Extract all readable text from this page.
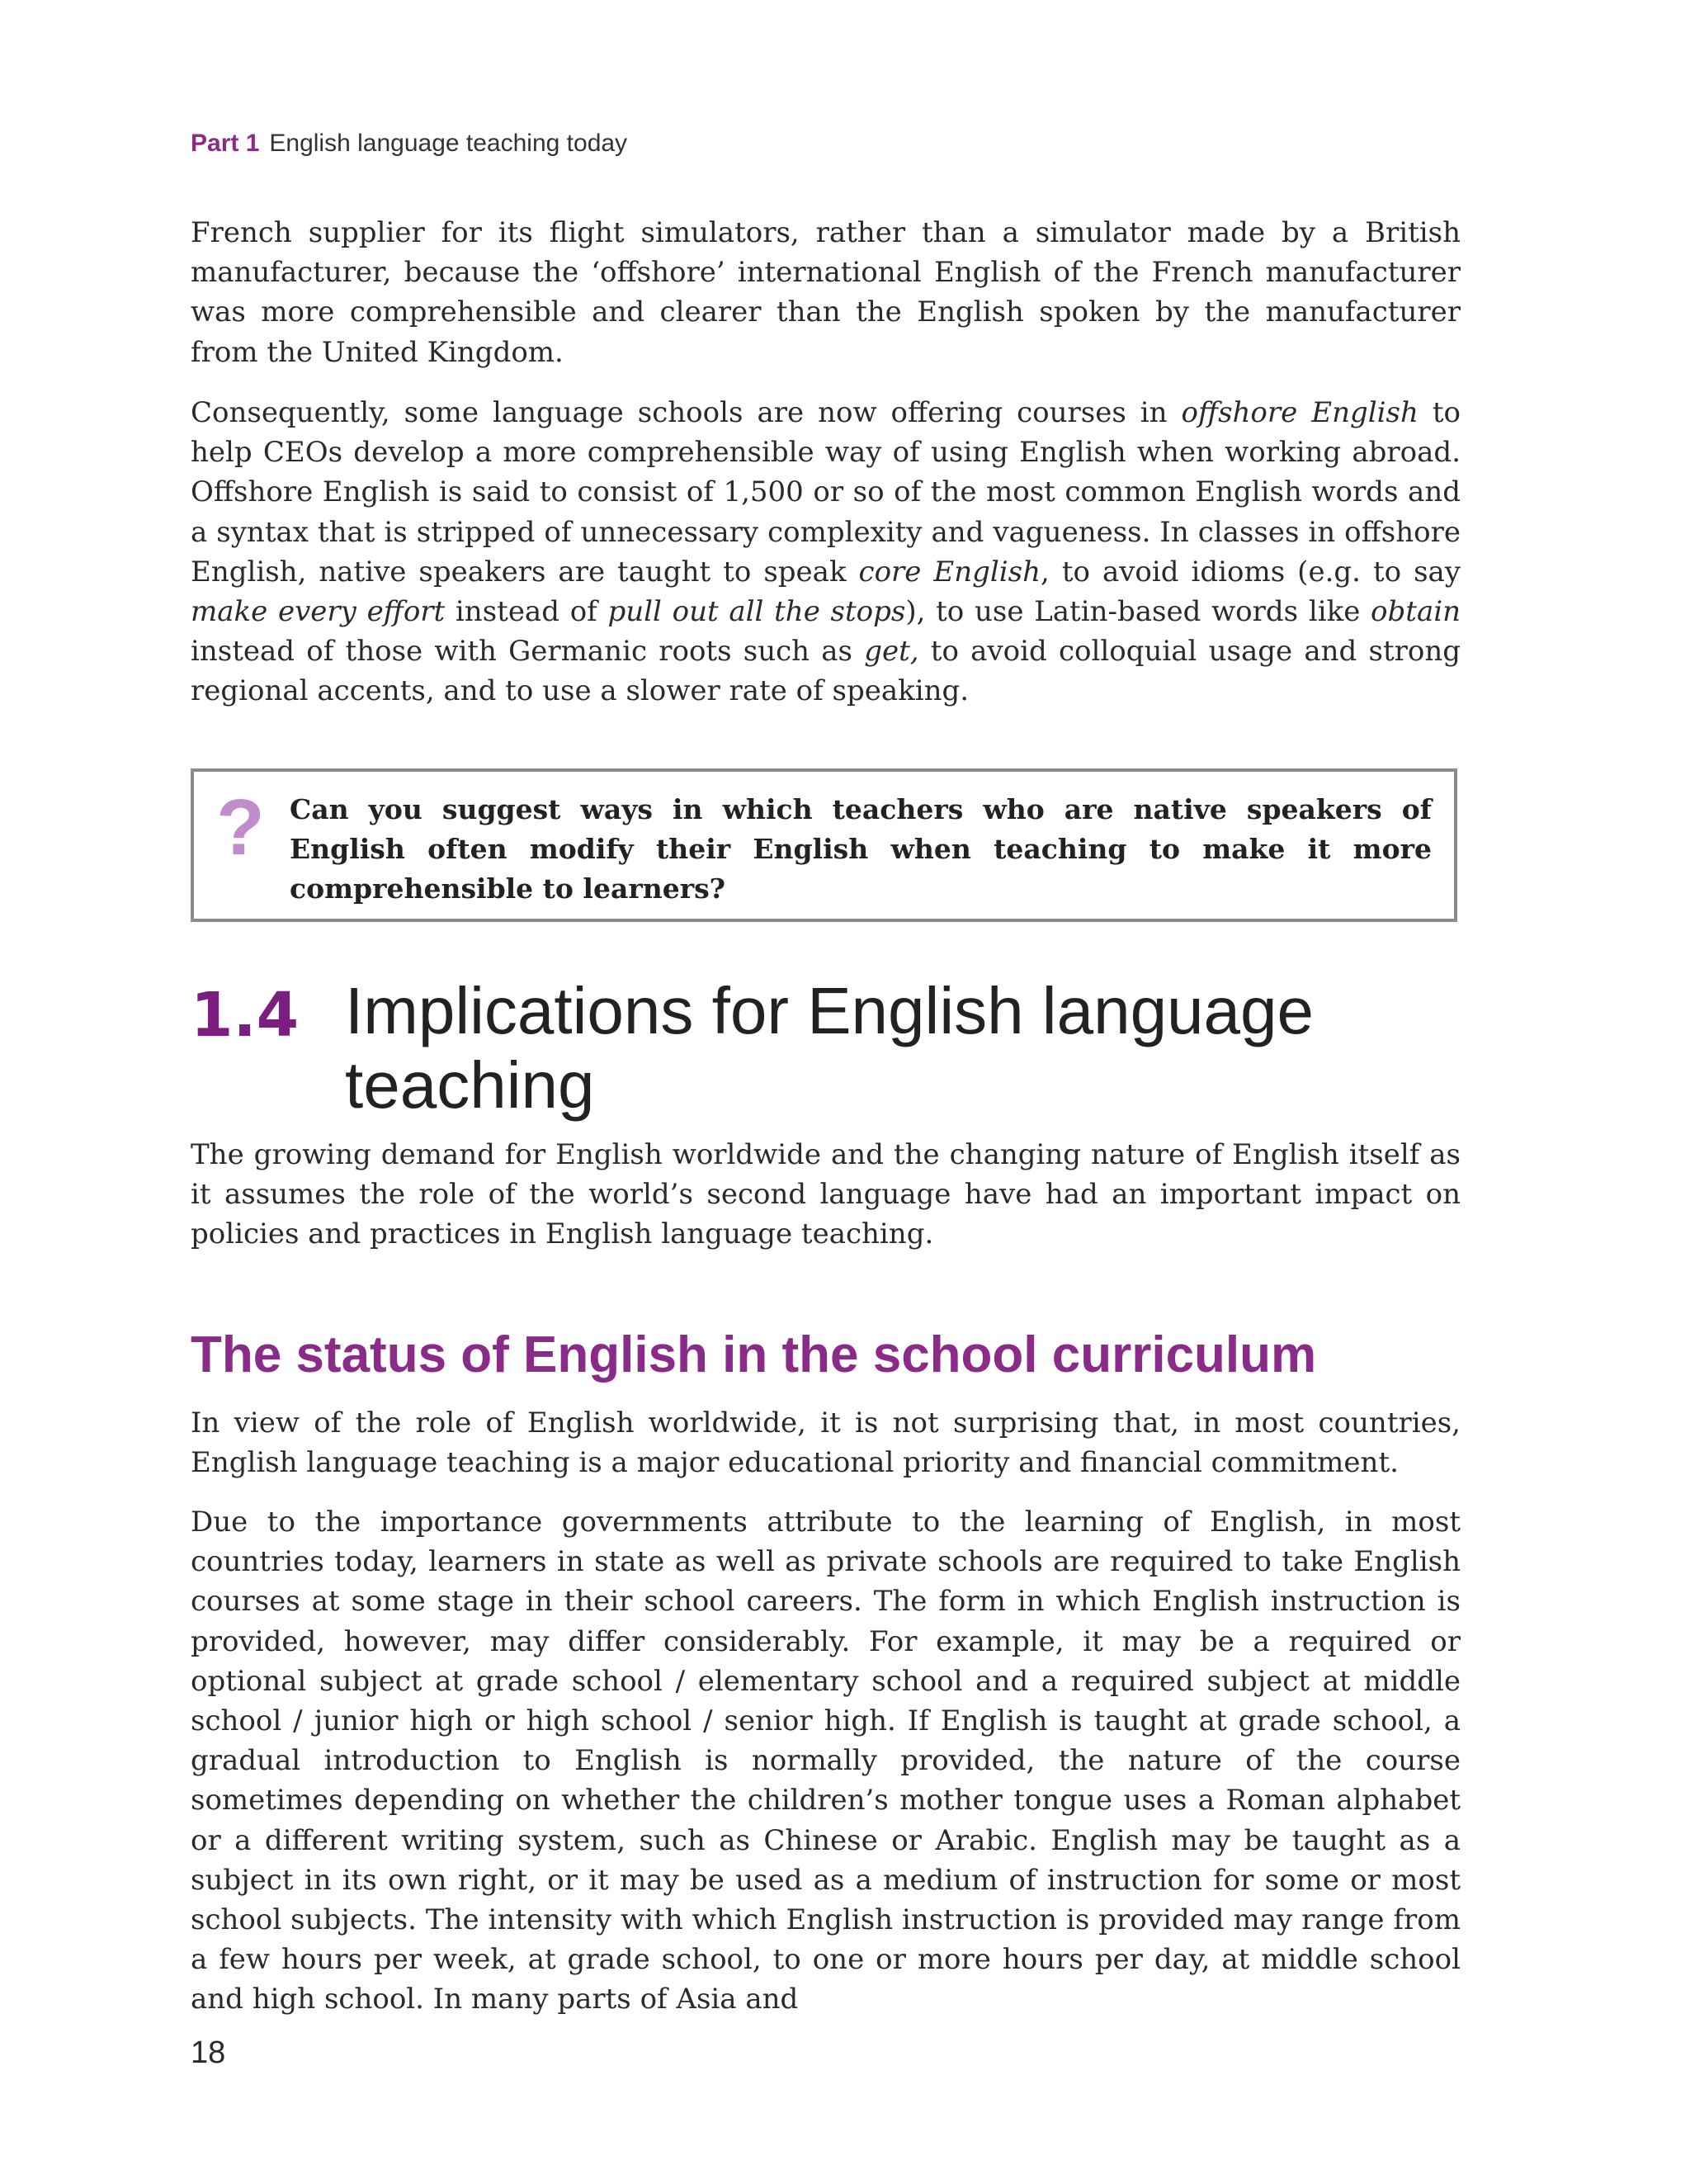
Part 1 English language teaching today

French supplier for its flight simulators, rather than a simulator made by a British manufacturer, because the ‘offshore’ international English of the French manufacturer was more comprehensible and clearer than the English spoken by the manufacturer from the United Kingdom.

Consequently, some language schools are now offering courses in offshore English to help CEOs develop a more comprehensible way of using English when working abroad. Offshore English is said to consist of 1,500 or so of the most common English words and a syntax that is stripped of unnecessary complexity and vagueness. In classes in offshore English, native speakers are taught to speak core English, to avoid idioms (e.g. to say make every effort instead of pull out all the stops), to use Latin-based words like obtain instead of those with Germanic roots such as get, to avoid colloquial usage and strong regional accents, and to use a slower rate of speaking.

? Can you suggest ways in which teachers who are native speakers of English often modify their English when teaching to make it more comprehensible to learners?
1.4 Implications for English language teaching

The growing demand for English worldwide and the changing nature of English itself as it assumes the role of the world’s second language have had an important impact on policies and practices in English language teaching.

The status of English in the school curriculum

In view of the role of English worldwide, it is not surprising that, in most countries, English language teaching is a major educational priority and financial commitment.

Due to the importance governments attribute to the learning of English, in most countries today, learners in state as well as private schools are required to take English courses at some stage in their school careers. The form in which English instruction is provided, however, may differ considerably. For example, it may be a required or optional subject at grade school / elementary school and a required subject at middle school / junior high or high school / senior high. If English is taught at grade school, a gradual introduction to English is normally provided, the nature of the course sometimes depending on whether the children’s mother tongue uses a Roman alphabet or a different writing system, such as Chinese or Arabic. English may be taught as a subject in its own right, or it may be used as a medium of instruction for some or most school subjects. The intensity with which English instruction is provided may range from a few hours per week, at grade school, to one or more hours per day, at middle school and high school. In many parts of Asia and

18
